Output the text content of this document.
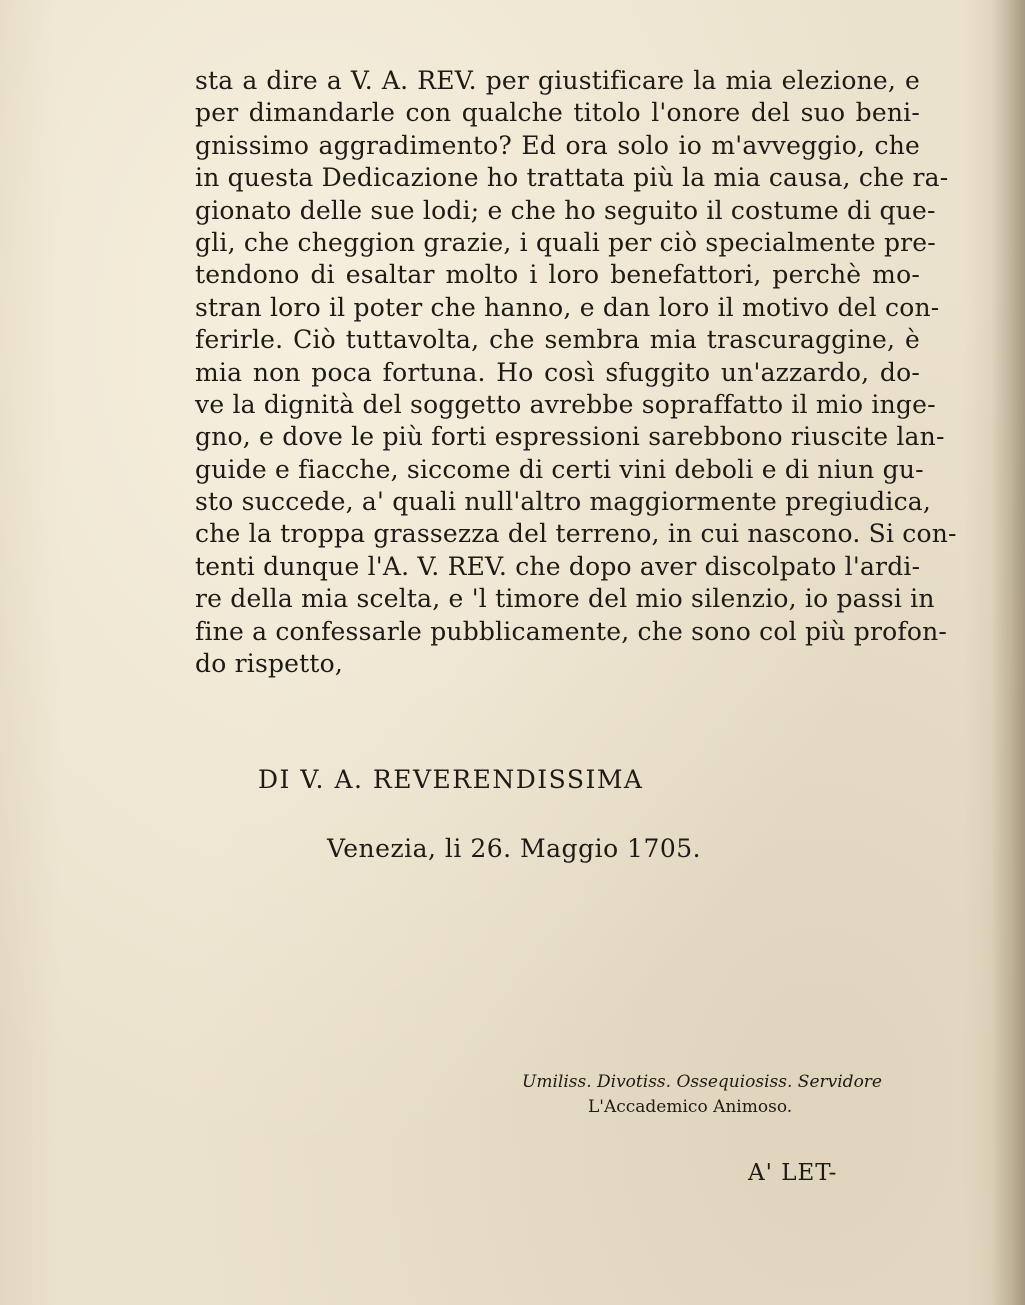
sta a dire a V. A. REV. per giustificare la mia elezione, e
per dimandarle con qualche titolo l'onore del suo beni-
gnissimo aggradimento? Ed ora solo io m'avveggio, che
in questa Dedicazione ho trattata più la mia causa, che ra-
gionato delle sue lodi; e che ho seguito il costume di que-
gli, che cheggion grazie, i quali per ciò specialmente pre-
tendono di esaltar molto i loro benefattori, perchè mo-
stran loro il poter che hanno, e dan loro il motivo del con-
ferirle. Ciò tuttavolta, che sembra mia trascuraggine, è
mia non poca fortuna. Ho così sfuggito un'azzardo, do-
ve la dignità del soggetto avrebbe sopraffatto il mio inge-
gno, e dove le più forti espressioni sarebbono riuscite lan-
guide e fiacche, siccome di certi vini deboli e di niun gu-
sto succede, a' quali null'altro maggiormente pregiudica,
che la troppa grassezza del terreno, in cui nascono. Si con-
tenti dunque l'A. V. REV. che dopo aver discolpato l'ardi-
re della mia scelta, e 'l timore del mio silenzio, io passi in
fine a confessarle pubblicamente, che sono col più profon-
do rispetto,
DI V. A. REVERENDISSIMA
Venezia, li 26. Maggio 1705.
Umiliss. Divotiss. Ossequiosiss. Servidore
L'Accademico Animoso.
A' LET-
